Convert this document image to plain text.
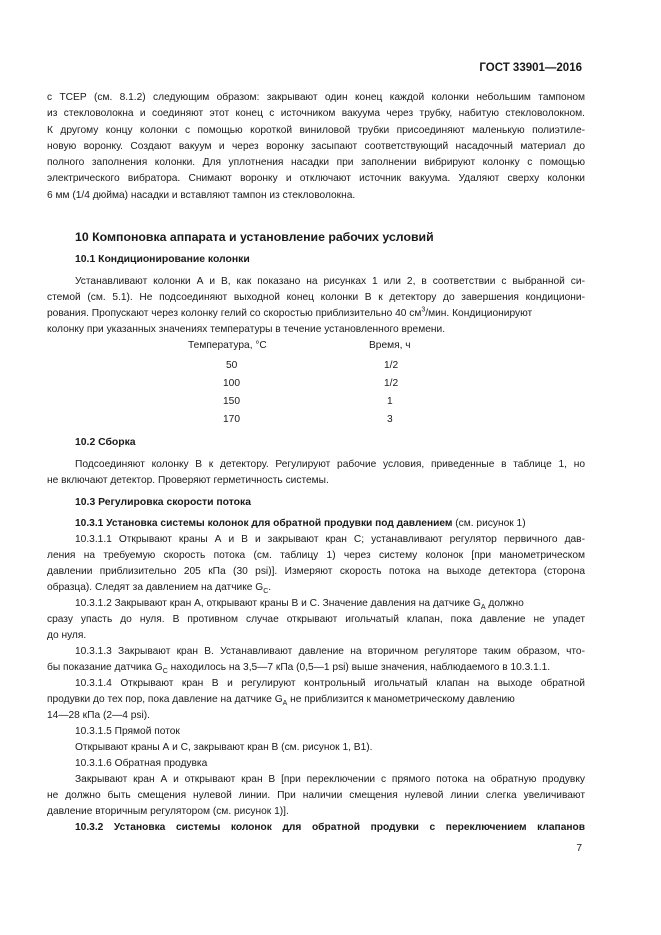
ГОСТ 33901—2016
с ТСЕР (см. 8.1.2) следующим образом: закрывают один конец каждой колонки небольшим тампоном
из стекловолокна и соединяют этот конец с источником вакуума через трубку, набитую стекловолокном.
К другому концу колонки с помощью короткой виниловой трубки присоединяют маленькую полиэтиле-
новую воронку. Создают вакуум и через воронку засыпают соответствующий насадочный материал до
полного заполнения колонки. Для уплотнения насадки при заполнении вибрируют колонку с помощью
электрического вибратора. Снимают воронку и отключают источник вакуума. Удаляют сверху колонки
6 мм (1/4 дюйма) насадки и вставляют тампон из стекловолокна.
10 Компоновка аппарата и установление рабочих условий
10.1 Кондиционирование колонки
Устанавливают колонки А и В, как показано на рисунках 1 или 2, в соответствии с выбранной си-
стемой (см. 5.1). Не подсоединяют выходной конец колонки В к детектору до завершения кондициони-
рования. Пропускают через колонку гелий со скоростью приблизительно 40 $см^3$/мин. Кондиционируют
колонку при указанных значениях температуры в течение установленного времени.
Температура, °С	Время, ч
50	1/2
100	1/2
150	1
170	3
10.2 Сборка
Подсоединяют колонку В к детектору. Регулируют рабочие условия, приведенные в таблице 1, но
не включают детектор. Проверяют герметичность системы.
10.3 Регулировка скорости потока
10.3.1 Установка системы колонок для обратной продувки под давлением (см. рисунок 1)
10.3.1.1 Открывают краны А и В и закрывают кран С; устанавливают регулятор первичного дав-
ления на требуемую скорость потока (см. таблицу 1) через систему колонок [при манометрическом
давлении приблизительно 205 кПа (30 psi)]. Измеряют скорость потока на выходе детектора (сторона
образца). Следят за давлением на датчике $G_C$.
10.3.1.2 Закрывают кран А, открывают краны В и С. Значение давления на датчике $G_A$ должно
сразу упасть до нуля. В противном случае открывают игольчатый клапан, пока давление не упадет
до нуля.
10.3.1.3 Закрывают кран В. Устанавливают давление на вторичном регуляторе таким образом, что-
бы показание датчика $G_C$ находилось на 3,5—7 кПа (0,5—1 psi) выше значения, наблюдаемого в 10.3.1.1.
10.3.1.4 Открывают кран В и регулируют контрольный игольчатый клапан на выходе обратной
продувки до тех пор, пока давление на датчике $G_A$ не приблизится к манометрическому давлению
14—28 кПа (2—4 psi).
10.3.1.5 Прямой поток
Открывают краны А и С, закрывают кран В (см. рисунок 1, В1).
10.3.1.6 Обратная продувка
Закрывают кран А и открывают кран В [при переключении с прямого потока на обратную продувку
не должно быть смещения нулевой линии. При наличии смещения нулевой линии слегка увеличивают
давление вторичным регулятором (см. рисунок 1)].
7
10.3.2 Установка системы колонок для обратной продувки с переключением клапанов
